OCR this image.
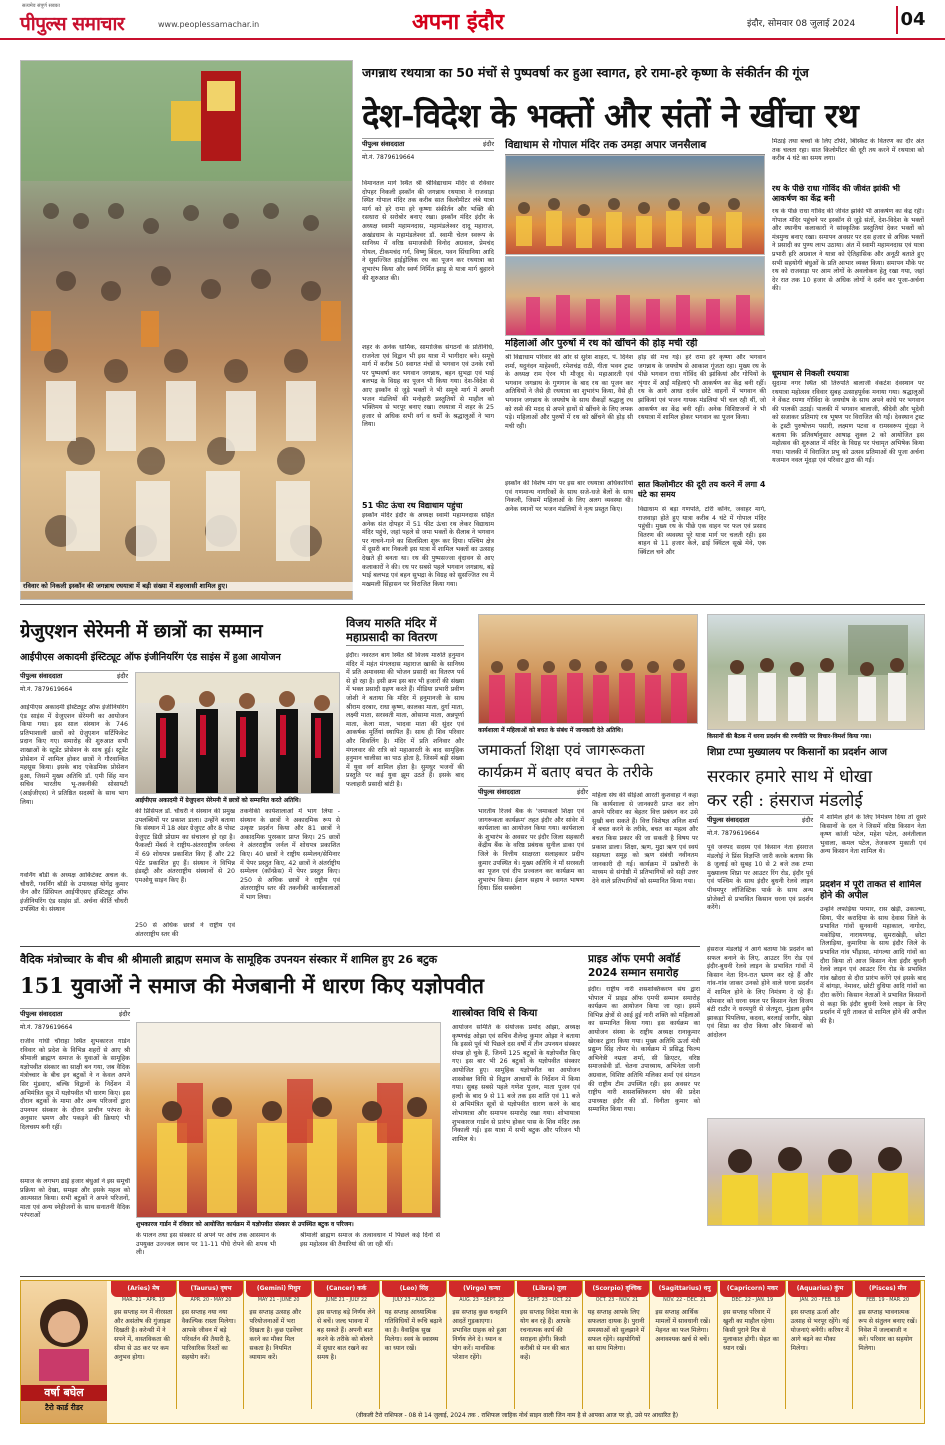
सत्यमेव संपूर्ण सबका
पीपुल्स समाचार	www.peoplessamachar.in	अपना इंदौर	इंदौर, सोमवार 08 जुलाई 2024	04
जगन्नाथ रथयात्रा का 50 मंचों से पुष्पवर्षा कर हुआ स्वागत, हरे रामा-हरे कृष्णा के संकीर्तन की गूंज
देश-विदेश के भक्तों और संतों ने खींचा रथ
रविवार को निकली इस्कॉन की जगन्नाथ रथयात्रा में बड़ी संख्या में शहरवासी शामिल हुए।
पीपुल्स संवाददाता	इंदौर
मो.नं. 7879619664
विमानतल मार्ग स्थित श्री श्रीविद्याधाम मंदिर से रविवार दोपहर निकली इस्कॉन की जगन्नाथ रथयात्रा ने राजवाड़ा स्थित गोपाल मंदिर तक करीब सात किलोमीटर लंबे यात्रा मार्ग को हरे रामा हरे कृष्णा संकीर्तन और भक्ति की रसधारा से सरोबोर बनाए रखा। इस्कॉन मंदिर इंदौर के अध्यक्ष स्वामी महामनदास, महामंडलेश्वर दादू महाराज, अखंडधाम के महामंडलेश्वर डॉ. स्वामी चेतन स्वरूप के सानिध्य में वरिष्ठ समाजसेवी विनोद अग्रवाल, प्रेमचंद गोयल, टीकमचंद गर्ग, विष्णु बिंदल, पवन सिंघानिया आदि ने सुसज्जित हाईड्रोलिक रथ का पूजन कर रथयात्रा का शुभारंभ किया और स्वर्ण निर्मित झाड़ू से यात्रा मार्ग बुहारने की शुरुआत की।
शहर के अनेक धार्मिक, सामाजिक संगठनों के प्रतिनिधि, राजनेता एवं विद्वान भी इस यात्रा में भागीदार बने। समूचे मार्ग में करीब 50 स्वागत मंचों से भगवान एवं उनके रथों पर पुष्पवर्षा कर भगवान जगन्नाथ, बहन सुभद्रा एवं भाई बलभद्र के विग्रह का पूजन भी किया गया। देश-विदेश से आए इस्कॉन से जुड़े भक्तों ने भी समूचे मार्ग में अपनी भजन मंडलियों की मनोहारी प्रस्तुतियों से माहौल को भक्तिमय से भरपूर बनाए रखा। रथयात्रा में शहर के 25 हजार से अधिक सभी वर्ग व धर्मों के श्रद्धालुओं ने भाग लिया।
51 फीट ऊंचा रथ विद्याधाम पहुंचा
इस्कॉन मंदिर इंदौर के अध्यक्ष स्वामी महामनदास सहित अनेक संत दोपहर में 51 फीट ऊंचा रथ लेकर विद्याधाम मंदिर पहुंचे, जहां पहले से जमा भक्तों के सैलाब ने भगवान पर नाचने-गाने का सिलसिला शुरू कर दिया। पश्चिम क्षेत्र में दूसरी बार निकली इस यात्रा में शामिल भक्तों का उत्साह देखते ही बनता था। रथ की पुष्पसज्जा वृंदावन से आए कलाकारों ने की। रथ पर सबसे पहले भगवान जगन्नाथ, बड़े भाई बलभद्र एवं बहन सुभद्रा के विग्रह को सुसज्जित रथ में मखमली सिंहासन पर विराजित किया गया।
विद्याधाम से गोपाल मंदिर तक उमड़ा अपार जनसैलाब
महिलाओं और पुरुषों में रथ को खींचने की होड़ मची रही
श्री विद्याधाम परिवार की ओर से सुरेश शाहरा, पं. दिनेश शर्मा, यदुनंदन माहेश्वरी, रमेशचंद्र राठी, गीता भवन ट्रस्ट के अध्यक्ष राम ऐरन भी मौजूद थे। महाआरती एवं भगवान जगन्नाथ के गुणगान के बाद रथ का पूजन कर अतिथियों ने जैसे ही रथयात्रा का शुभारंभ किया, वैसे ही भगवान जगन्नाथ के जयघोष के साथ सैकड़ों श्रद्धालु रथ को रस्से की मदद से अपने हाथों से खींचने के लिए लपक पड़े। महिलाओं और पुरुषों में रथ को खींचने की होड़ सी मची रही।
इस्कॉन की विशेष मांग पर इस बार रथयात्रा अधिकारियों एवं गणमान्य नागरिकों के साथ सजे-धजे बैलों के साथ निकली, जिसमें महिलाओं के लिए अलग व्यवस्था थी। अनेक स्थानों पर भजन मंडलियों ने नृत्य प्रस्तुत किए।
होड़ सी मच गई। हरे रामा हरे कृष्णा और भगवान जगन्नाथ के जयघोष से आकाश गूंजता रहा। मुख्य रथ के पीछे भगवान राधा गोविंद की झांकियां और गोपियों के शृंगार में आईं महिलाएं भी आकर्षण का केंद्र बनी रहीं। रथ के आगे आधा दर्जन छोटे वाहनों में भगवान की झांकियां एवं भजन गायक मंडलियां भी चल रही थीं, जो आकर्षण का केंद्र बनी रहीं। अनेक विशिष्टजनों ने भी रथयात्रा में शामिल होकर भगवान का पूजन किया।
सात किलोमीटर की दूरी तय करने में लगा 4 घंटे का समय
विद्याधाम से बड़ा गणपति, टोरी कॉर्नर, जवाहर मार्ग, राजवाड़ा होते हुए यात्रा करीब 4 घंटे में गोपाल मंदिर पहुंची। मुख्य रथ के पीछे एक वाहन पर फल एवं प्रसाद वितरण की व्यवस्था पूरे यात्रा मार्ग पर चलती रही। इस बाहन से 11 हजार केले, ढाई क्विंटल सूखे मेवे, एक क्विंटल चने और
मिठाई तथा बच्चों के लिए टॉफी, बिस्किट के वितरण का दौर अंत तक चलता रहा। सात किलोमीटर की दूरी तय करने में रथयात्रा को करीब 4 घंटे का समय लगा।
रथ के पीछे राधा गोविंद की जीवंत झांकी भी आकर्षण का केंद्र बनी
रथ के पीछे राधा गोविंद की जीवंत झांकी भी आकर्षण का केंद्र रही। गोपाल मंदिर पहुंचने पर इस्कॉन से जुड़े संतों, देश-विदेश के भक्तों और स्थानीय कलाकारों ने सांस्कृतिक प्रस्तुतियां देकर भक्तों को मंत्रमुग्ध बनाए रखा। समापन अवसर पर दस हजार से अधिक भक्तों ने प्रसादी का पुण्य लाभ उठाया। अंत में स्वामी महामनदास एवं यात्रा प्रभारी हरि अग्रवाल ने यात्रा को ऐतिहासिक और अनूठी बताते हुए सभी सहयोगी बंधुओं के प्रति आभार व्यक्त किया। समापन मौके पर रथ को राजवाड़ा पर आम लोगों के अवलोकन हेतु रखा गया, जहां देर रात तक 10 हजार से अधिक लोगों ने दर्शन कर पूजा-अर्चना की।
धूमधाम से निकली रथयात्रा
सुदामा नगर स्थित श्री तिरुपति बालाजी वेंकटेश देवस्थान पर रथयात्रा महोत्सव रविवार सुबह उत्साहपूर्वक मनाया गया। श्रद्धालुओं ने वेंकट रमणा गोविंदा के जयघोष के साथ अपने कांधे पर भगवान की पालकी उठाई। पालकी में भगवान बालाजी, श्रीदेवी और भूदेवी को सजाकर प्रतिमाएं रथ भूषण पर विराजित की गईं। देवस्थान ट्रस्ट के ट्रस्टी पुरुषोत्तम पसारी, लक्ष्मण पटवा व रामस्वरूप मूंदड़ा ने बताया कि प्रतिवर्षानुसार आषाढ़ शुक्ल 2 को आयोजित इस महोत्सव की शुरुआत में मंदिर के विग्रह पर पंचामृत अभिषेक किया गया। पालकी में विराजित प्रभु को उत्सव प्रतिमाओं की पूजा अर्चना यजमान नवल मूंदड़ा एवं परिवार द्वारा की गई।
ग्रेजुएशन सेरेमनी में छात्रों का सम्मान
आईपीएस अकादमी इंस्टिट्यूट ऑफ इंजीनियरिंग एंड साइंस में हुआ आयोजन
पीपुल्स संवाददाता	इंदौर
मो.नं. 7879619664
आईपीएस अकादमी इंस्टिट्यूट ऑफ इंजीनियरिंग एंड साइंस में ग्रेजुएशन सेरेमनी का आयोजन किया गया। इस साल संस्थान के 746 प्रतिभाशाली छात्रों को ग्रेजुएशन सर्टिफिकेट प्रदान किए गए। समारोह की शुरुआत सभी शाखाओं के स्टूडेंट प्रोसेशन के साथ हुई। स्टूडेंट प्रोसेशन में शामिल होकर छात्रों ने गौरवान्वित महसूस किया। इसके बाद एकेडमिक प्रोसेशन हुआ, जिसमें मुख्य अतिथि डॉ. एमी सिंह मान सचिव भारतीय भू-तकनीकी सोसायटी (आईजीएस) ने प्रतिष्ठित सदस्यों के साथ भाग लिया।
गवर्निंग बॉडी के अध्यक्ष आर्किटेक्ट अचल के. चौधरी, गवर्निंग बॉडी के उपाध्यक्ष योगेंद्र कुमार जैन और प्रिंसिपल आईपीएसए इंस्टिट्यूट ऑफ इंजीनियरिंग एंड साइंस डॉ. अर्चना कीर्ति चौधरी उपस्थित थे। संस्थान
आईपीएस अकादमी में ग्रेजुएशन सेरेमनी में छात्रों को सम्मानित करते अतिथि।
की प्रिंसिपल डॉ. चौधरी ने संस्थान की प्रमुख उपलब्धियों पर प्रकाश डाला। उन्होंने बताया कि संस्थान में 18 अंडर ग्रेजुएट और 8 पोस्ट ग्रेजुएट डिग्री प्रोग्राम का संचालन हो रहा है। फैकल्टी मेंबर्स ने राष्ट्रीय-अंतरराष्ट्रीय जर्नल्स में 69 शोधपत्र प्रकाशित किए हैं और 22 पेटेंट प्रकाशित हुए हैं। संस्थान ने विभिन्न इंडस्ट्री और अंतरराष्ट्रीय संस्थानों से 20 एमओयू साइन किए हैं।
250 से अधिक छात्रों ने राष्ट्रीय एवं अंतरराष्ट्रीय स्तर की
तकनीकी कार्यशालाओं में भाग लिया - संस्थान के छात्रों ने अकादमिक रूप से उत्कृष्ट प्रदर्शन किया और 81 छात्रों ने अकादमिक पुरस्कार प्राप्त किए। 25 छात्रों ने अंतरराष्ट्रीय जर्नल में शोधपत्र प्रकाशित किए। 40 छात्रों ने राष्ट्रीय सम्मेलन/सेमिनार में पेपर प्रस्तुत किए, 42 छात्रों ने अंतर्राष्ट्रीय सम्मेलन (कॉन्फ्रेंस) में पेपर प्रस्तुत किए। 250 से अधिक छात्रों ने राष्ट्रीय एवं अंतरराष्ट्रीय स्तर की तकनीकी कार्यशालाओं में भाग लिया।
विजय मारुति मंदिर में महाप्रसादी का वितरण
इंदौर। नवरतन बाग स्थित श्री विजय मारुति हनुमान मंदिर में महंत मंगलदास महाराज खाकी के सानिध्य में प्रति अमावस्या की भोजन प्रसादी का वितरण पर्व से हो रहा है। इसी क्रम इस बार भी हजारों की संख्या में भक्त प्रसादी ग्रहण करते हैं। मीडिया प्रभारी प्रवीण जोशी ने बताया कि मंदिर में हनुमानजी के साथ श्रीराम दरबार, राधा कृष्ण, कालका माता, दुर्गा माता, लक्ष्मी माता, सरस्वती माता, ओसामा माता, अन्नपूर्णा माता, केला माता, भादवा माता की सुंदर एवं आकर्षक मूर्तियां स्थापित हैं। साथ ही शिव परिवार और शिवलिंग है। मंदिर में प्रति शनिवार और मंगलवार की रात्रि को महाआरती के बाद सामूहिक हनुमान चालीसा का पाठ होता है, जिसमें बड़ी संख्या में युवा वर्ग शामिल होता है। सुमधुर भजनों की प्रस्तुति पर कई युवा झूम उठते हैं। इसके बाद फलाहारी प्रसादी बांटी है।
कार्यशाला में महिलाओं को बचत के संबंध में जानकारी देते अतिथि।
जमाकर्ता शिक्षा एवं जागरूकता
कार्यक्रम में बताए बचत के तरीके
पीपुल्स संवाददाता	इंदौर
भारतीय रिजर्व बैंक के 'जमाकर्ता शिक्षा एवं जागरूकता कार्यक्रम' तहत इंदौर और सांवेर में कार्यशाला का आयोजन किया गया। कार्यशाला के शुभारंभ के अवसर पर इंदौर जिला सहकारी केंद्रीय बैंक के वरिष्ठ प्रबंधक सुनील डाका एवं जिले के वित्तीय साक्षरता सलाहकार प्रदीप कुमार उपस्थित थे। मुख्य अतिथि ने माँ सरस्वती का पूजन एवं दीप प्रज्वलन कर कार्यक्रम का शुभारंभ किया। ईशान सहाय ने स्वागत भाषण दिया। प्रिंस सक्सेना
महिला संघ की सीईओ आरती कुशवाहा ने कहा कि कार्यशाला से जानकारी प्राप्त कर लोग अपने परिवार का बेहतर वित्त प्रबंधन कर उसे सुखी बना सकते हैं। वित्त विशेषज्ञ अनिल शर्मा ने बचत करने के तरीके, बचत का महत्व और बचत किस प्रकार की जा सकती है विषय पर प्रकाश डाला। शिक्षा, ऋण, मुद्रा ऋण एवं स्वयं सहायता समूह को ऋण संबंधी नवीनतम जानकारी दी गई। कार्यक्रम में प्रश्नोत्तरी के माध्यम से संगोष्ठी में प्रतिभागियों को सही उत्तर देने वाले प्रतिभागियों को सम्मानित किया गया।
किसानों की बैठक में धरना प्रदर्शन की रणनीति पर विचार-विमर्श किया गया।
शिप्रा टप्पा मुख्यालय पर किसानों का प्रदर्शन आज
सरकार हमारे साथ में धोखा
कर रही : हंसराज मंडलोई
पीपुल्स संवाददाता	इंदौर
मो.नं. 7879619664
पूर्व जनपद सदस्य एवं किसान नेता हंसराज मंडलोई ने प्रिंस विज्ञप्ति जारी करके बताया कि 8 जुलाई को सुबह 10 से 2 बजे तक टप्पा मुख्यालय शिप्रा पर आउटर रिंग रोड, इंदौर पूर्व एवं पश्चिम के साथ इंदौर बुधनी रेलवे लाइन पीथमपुर लॉजिस्टिक पार्क के साथ अन्य प्रोजेक्टों से प्रभावित किसान धरना एवं प्रदर्शन करेंगे।
हंसराज मंडलोई ने आगे बताया कि प्रदर्शन को सफल बनाने के लिए, आउटर रिंग रोड एवं इंदौर-बुधनी रेलवे लाइन के प्रभावित गांवों में किसान नेता दिन-रात भ्रमण कर रहे हैं और गांव-गांव जाकर उनको होने वाले धरना प्रदर्शन में शामिल होने के लिए निमंत्रण दे रहे हैं। सोमवार को धरना स्थल पर किसान नेता विजय बंटी राठौर ने धरमपुरी से जेतपुरा, मुंडला हुसैन झाकड़ा पिपलिया, कदवा, बरलाई जागीर, खेड़ा एवं शिप्रा का दौरा किया और किसानों को आंदोलन
में शामिल होने के लिए निमंत्रण दिया तो दूसरे किसानों के दल ने जिसमें वरिष्ठ किसान नेता कृष्ण कांजी पटेल, महेश पटेल, अनंतीलाल भुवाला, कमल पटेल, तेजकरण मुकाती एवं अन्य किसान नेता शामिल थे।
प्रदर्शन में पूरी ताकत से शामिल होने की अपील
उन्होंने लफड़िया परमार, रास खेड़ी, उकाल्या, सिया, पीर करादिया के साथ देवास जिले के प्रभावित गांवों सुनवानी महाकाल, नागोरा, मकोड़िया, नारायणगढ़, सुमराखेड़ी, छोटा तिलाड़िया, कुमारिया के साथ इंदौर जिले के प्रभावित गांव भौंड़ासा, मांगल्या आदि गांवों का दौरा किया तो आज किसान नेता इंदौर बुधनी रेलवे लाइन एवं आउटर रिंग रोड के प्रभावित गांव खोदरा से दौरा प्रारंभ करेंगे एवं इसके बाद में बांगड़ा, नेमावर, छोटी दुधिया आदि गांवों का दौरा करेंगे। किसान नेताओं ने प्रभावित किसानों से कहा कि इंदौर बुधनी रेलवे लाइन के लिए प्रदर्शन में पूरी ताकत से शामिल होने की अपील की है।
वैदिक मंत्रोच्चार के बीच श्री श्रीमाली ब्राह्मण समाज के सामूहिक उपनयन संस्कार में शामिल हुए 26 बटुक
151 युवाओं ने समाज की मेजबानी में धारण किए यज्ञोपवीत
पीपुल्स संवाददाता	इंदौर
मो.नं. 7879619664
शास्त्रोक्त विधि से किया
राजीव गांधी चौराहा स्थित शुभकारज गार्डन रविवार को प्रदेश के विभिन्न शहरों से आए श्री श्रीमाली ब्राह्मण समाज के युवाओं के सामूहिक यज्ञोपवीत संस्कार का साक्षी बन गया, जब वैदिक मंत्रोच्चार के बीच इन बटुकों ने न केवल अपने सिर मुंडवाए, बल्कि विद्वानों के निर्देशन में अभिमंत्रित सूत्र में यज्ञोपवीत भी धारण किए। इस दौरान बटुकों के मामा और अन्य परिजनों द्वारा उपनयन संस्कार के दौरान प्राचीन परंपरा के अनुसार भ्रमण और पकड़ने की क्रियाएं भी दिलचस्प बनी रहीं।
समाज के लगभग ढाई हजार बंधुओं ने इस समूची प्रक्रिया को देखा, समझा और इसके महत्व को आत्मसात किया। सभी बटुकों ने अपने परिजनों, माता एवं अन्य स्नेहीजनों के साथ सनातनी वैदिक परंपराओं
शुभकारज गार्डन में रविवार को आयोजित कार्यक्रम में यज्ञोपवीत संस्कार से उपस्थित बटुक व परिजन।
के पालन तथा इस संस्कार से अपने पर आंच तक आसमान के उपयुक्त उज्ज्वल स्थान पर 11-11 पौधे रोपने की शपथ भी ली।
श्रीमाली ब्राह्मण समाज के तत्वावधान में पिछले कई दिनों से इस महोत्सव की तैयारियां की जा रही थीं।
आयोजन समिति के संयोजक प्रमोद ओझा, अध्यक्ष कृष्णचंद्र ओझा एवं सचिव शैलेन्द्र कुमार ओझा ने बताया कि इससे पूर्व भी पिछले दस वर्षों में तीन उपनयन संस्कार संपन्न हो चुके हैं, जिनमें 125 बटुकों के यज्ञोपवीत किए गए। इस बार भी 26 बटुकों के यज्ञोपवीत संस्कार आयोजित हुए। सामूहिक यज्ञोपवीत का आयोजन शास्त्रोक्त विधि से विद्वान आचार्यों के निर्देशन में किया गया। सुबह सबसे पहले गणेश पूजन, माता पूजन एवं हल्दी के बाद 9 से 11 बजे तक इस शांति एवं 11 बजे से अभिमंत्रित सूत्रों से यज्ञोपवीत धारण करने के बाद शोभायात्रा और समापन समारोह रखा गया। शोभायात्रा शुभकारज गार्डन से प्रारंभ होकर पास के शिव मंदिर तक निकाली गई। इस यात्रा में सभी बटुक और परिजन भी शामिल थे।
प्राइड ऑफ एमपी अवॉर्ड
2024 सम्मान समारोह
इंदौर। राष्ट्रीय नारी शसशक्तिकरण संघ द्वारा भोपाल में प्राइड ऑफ एमपी सम्मान समारोह कार्यक्रम का आयोजन किया जा रहा। इसमें विभिन्न क्षेत्रों से आई हुई नारी शक्ति को महिलाओं का सम्मानित किया गया। इस कार्यक्रम का आयोजन संस्था के राष्ट्रीय अध्यक्ष रानाकुमार खेरकर द्वारा किया गया। मुख्य अतिथि ऊर्जा मंत्री प्रद्युम्न सिंह तोमर थे। कार्यक्रम में प्रसिद्ध फिल्म अभिनेत्री नम्रता शर्मा, सी क्रिएटर, वरिष्ठ समाजसेवी डॉ. चेतना उपाध्याय, अभिनेता जानी अग्रवाल, विशिष्ट अतिथि मलिका शर्मा एवं संगठन की राष्ट्रीय टीम उपस्थित रही। इस अवसर पर राष्ट्रीय नारी शसशक्तिकरण संघ की प्रदेश उपाध्यक्ष इंदौर की डॉ. विनीता कुमार को सम्मानित किया गया।
वर्षा बघेल
टैरो कार्ड रीडर
(Aries) मेष
MAR. 21 - APR. 19
इस सप्ताह मन में नीरसता और असंतोष की गुंजाइश दिखती है। करेन्सी में ने सपने में, वास्तविकता की सीमा से उठ कर पर कम अनुभव होगा।
(Taurus) वृषभ
APR. 20 - MAY 20
इस सप्ताह नया नया वैकल्पिक रास्ता मिलेगा। आपके जीवन में बड़े परिवर्तन की तैयारी है, पारिवारिक रिश्तों का सहयोग करें।
(Gemini) मिथुन
MAY 21 - JUNE 20
इस सप्ताह उत्साह और परियोजनाओं में भरा दिखता है। कुछ एडवेंचर करने का मौका मिल सकता है। नियमित व्यायाम करें।
(Cancer) कर्क
JUNE 21 - JULY 22
इस सप्ताह बड़े निर्णय लेने से बचें। जल्द भावना में बह सकते हैं। अपनी बात करने के तरीके को बोलने में सुधार बात रखने का समय है।
(Leo) सिंह
JULY 23 - AUG. 22
यह सप्ताह आध्यात्मिक गतिविधियों में रूचि बढ़ाने का है। वैवाहिक सुख मिलेगा। स्वयं के स्वास्थ्य का ध्यान रखें।
(Virgo) कन्या
AUG. 23 - SEPT. 22
इस सप्ताह कुछ धनहानि आदतें गुड़काएगा। प्रभावित ग्राहक को हुआ निर्णय लेने दे। ध्यान व योग करें। मानसिक परेशान रहेंगे।
(Libra) तुला
SEPT. 23 - OCT. 22
इस सप्ताह विदेश यात्रा के योग बन रहे हैं। आपके रचनात्मक कार्य की सराहना होगी। किसी करीबी से मन की बात कहें।
(Scorpio) वृश्चिक
OCT. 23 - NOV. 21
यह सप्ताह आपके लिए सफलता दायक है। पुरानी समस्याओं को सुलझाने में सफल रहेंगे। सहयोगियों का साथ मिलेगा।
(Sagittarius) धनु
NOV. 22 - DEC. 21
इस सप्ताह आर्थिक मामलों में सावधानी रखें। मेहनत का फल मिलेगा। अनावश्यक खर्च से बचें।
(Capricorn) मकर
DEC. 22 - JAN. 19
इस सप्ताह परिवार में खुशी का माहौल रहेगा। किसी पुराने मित्र से मुलाकात होगी। सेहत का ध्यान रखें।
(Aquarius) कुंभ
JAN. 20 - FEB. 18
इस सप्ताह ऊर्जा और उत्साह से भरपूर रहेंगे। नई योजनाएं बनेंगी। करियर में आगे बढ़ने का मौका मिलेगा।
(Pisces) मीन
FEB. 19 - MAR. 20
इस सप्ताह भावनात्मक रूप से संतुलन बनाए रखें। निवेश में जल्दबाजी न करें। परिवार का सहयोग मिलेगा।
(वीकली टैरो राशिफल - 08 से 14 जुलाई, 2024 तक . राशिफल जाहिक नोर्थ साइन वाली जिन नाम है से आपका आज पर हो, उसे पर आधारित है)
